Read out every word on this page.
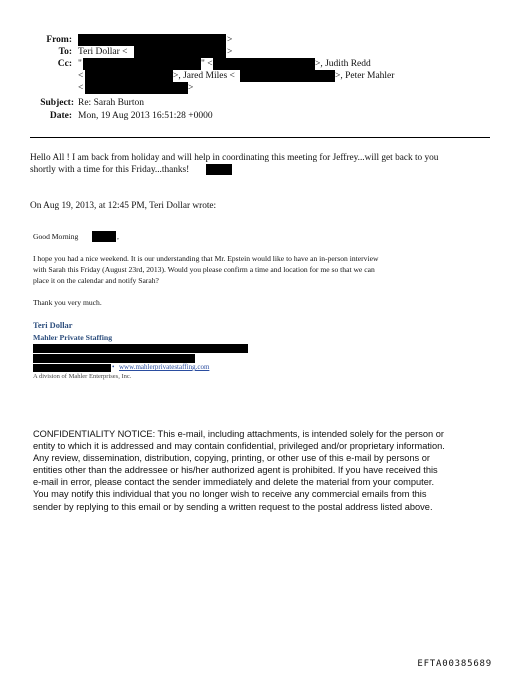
From:	>
To: Teri Dollar <	>
Cc: "	" <	>, Judith Redd
<	>, Jared Miles <	>, Peter Mahler
<	>
Subject: Re: Sarah Burton
Date: Mon, 19 Aug 2013 16:51:28 +0000
Hello All ! I am back from holiday and will help in coordinating this meeting for Jeffrey...will get back to you
shortly with a time for this Friday...thanks!
On Aug 19, 2013, at 12:45 PM, Teri Dollar wrote:
Good Morning	,
I hope you had a nice weekend. It is our understanding that Mr. Epstein would like to have an in-person interview
with Sarah this Friday (August 23rd, 2013). Would you please confirm a time and location for me so that we can
place it on the calendar and notify Sarah?
Thank you very much.
Teri Dollar
Mahler Private Staffing
• www.mahlerprivatestaffing.com
A division of Mahler Enterprises, Inc.
CONFIDENTIALITY NOTICE: This e-mail, including attachments, is intended solely for the person or
entity to which it is addressed and may contain confidential, privileged and/or proprietary information.
Any review, dissemination, distribution, copying, printing, or other use of this e-mail by persons or
entities other than the addressee or his/her authorized agent is prohibited. If you have received this
e-mail in error, please contact the sender immediately and delete the material from your computer.
You may notify this individual that you no longer wish to receive any commercial emails from this
sender by replying to this email or by sending a written request to the postal address listed above.
EFTA00385689
